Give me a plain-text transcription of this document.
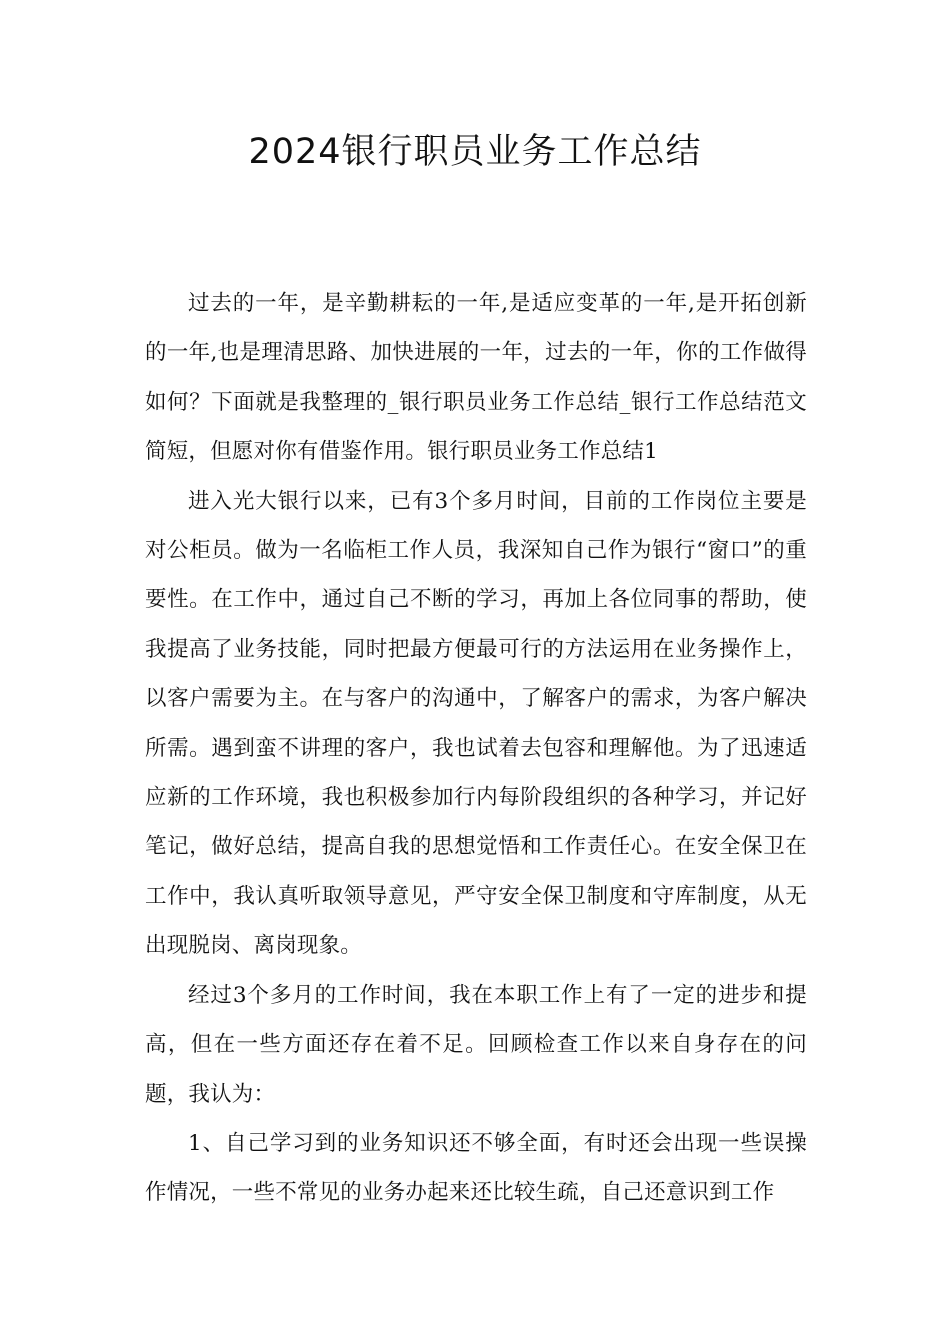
2024银行职员业务工作总结

过去的一年，是辛勤耕耘的一年,是适应变革的一年,是开拓创新的一年,也是理清思路、加快进展的一年，过去的一年，你的工作做得如何？下面就是我整理的_银行职员业务工作总结_银行工作总结范文简短，但愿对你有借鉴作用。银行职员业务工作总结1

进入光大银行以来，已有3个多月时间，目前的工作岗位主要是对公柜员。做为一名临柜工作人员，我深知自己作为银行“窗口”的重要性。在工作中，通过自己不断的学习，再加上各位同事的帮助，使我提高了业务技能，同时把最方便最可行的方法运用在业务操作上，以客户需要为主。在与客户的沟通中，了解客户的需求，为客户解决所需。遇到蛮不讲理的客户，我也试着去包容和理解他。为了迅速适应新的工作环境，我也积极参加行内每阶段组织的各种学习，并记好笔记，做好总结，提高自我的思想觉悟和工作责任心。在安全保卫在工作中，我认真听取领导意见，严守安全保卫制度和守库制度，从无出现脱岗、离岗现象。

经过3个多月的工作时间，我在本职工作上有了一定的进步和提高，但在一些方面还存在着不足。回顾检查工作以来自身存在的问题，我认为：

1、自己学习到的业务知识还不够全面，有时还会出现一些误操作情况，一些不常见的业务办起来还比较生疏，自己还意识到工作
